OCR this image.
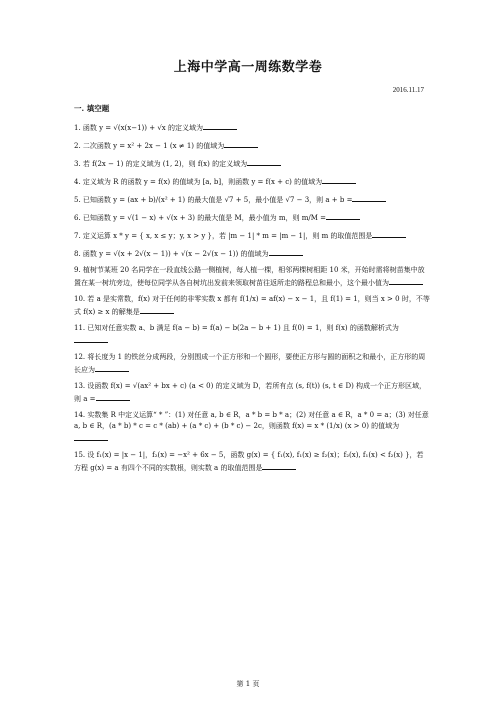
上海中学高一周练数学卷
2016.11.17
一. 填空题
1. 函数 y = √(x(x−1)) + √x 的定义域为
2. 二次函数 y = x² + 2x − 1 (x ≠ 1) 的值域为
3. 若 f(2x − 1) 的定义域为 (1, 2)，则 f(x) 的定义域为
4. 定义域为 R 的函数 y = f(x) 的值域为 [a, b]，则函数 y = f(x + c) 的值域为
5. 已知函数 y = (ax + b)/(x² + 1) 的最大值是 √7 + 5，最小值是 √7 − 3，则 a + b =
6. 已知函数 y = √(1 − x) + √(x + 3) 的最大值是 M，最小值为 m，则 m/M =
7. 定义运算 x * y = { x, x ≤ y；y, x > y }，若 |m − 1| * m = |m − 1|，则 m 的取值范围是
8. 函数 y = √(x + 2√(x − 1)) + √(x − 2√(x − 1)) 的值域为
9. 植树节某班 20 名同学在一段直线公路一侧植树，每人植一棵，相邻两棵树相距 10 米，开始时需将树苗集中放置在某一树坑旁边，使每位同学从各自树坑出发前来领取树苗往返所走的路程总和最小，这个最小值为
10. 若 a 是实常数，f(x) 对于任何的非零实数 x 都有 f(1/x) = af(x) − x − 1，且 f(1) = 1，则当 x > 0 时，不等式 f(x) ≥ x 的解集是
11. 已知对任意实数 a、b 满足 f(a − b) = f(a) − b(2a − b + 1) 且 f(0) = 1，则 f(x) 的函数解析式为
12. 将长度为 1 的铁丝分成两段，分别围成一个正方形和一个圆形，要使正方形与圆的面积之和最小，正方形的周长应为
13. 设函数 f(x) = √(ax² + bx + c) (a < 0) 的定义域为 D，若所有点 (s, f(t)) (s, t ∈ D) 构成一个正方形区域，则 a =
14. 实数集 R 中定义运算“ * ”：(1) 对任意 a, b ∈ R，a * b = b * a；(2) 对任意 a ∈ R，a * 0 = a；(3) 对任意 a, b ∈ R，(a * b) * c = c * (ab) + (a * c) + (b * c) − 2c，则函数 f(x) = x * (1/x) (x > 0) 的值域为
15. 设 f₁(x) = |x − 1|，f₂(x) = −x² + 6x − 5，函数 g(x) = { f₁(x), f₁(x) ≥ f₂(x)；f₂(x), f₁(x) < f₂(x) }，若方程 g(x) = a 有四个不同的实数根，则实数 a 的取值范围是
第 1 页
